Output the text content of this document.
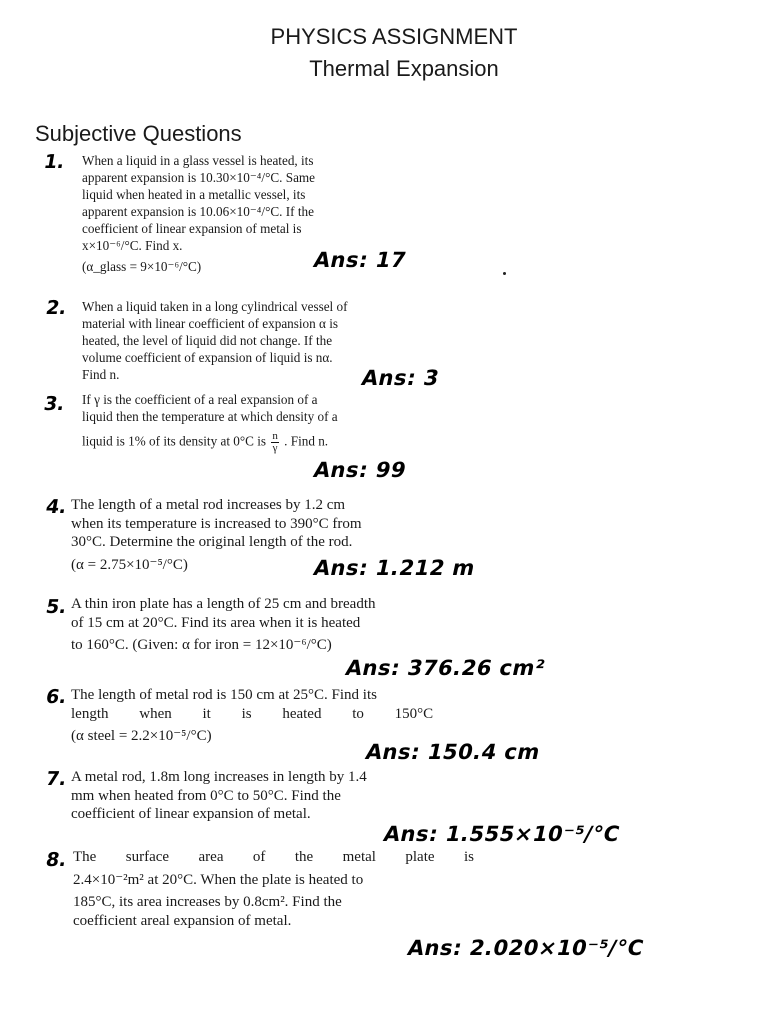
PHYSICS ASSIGNMENT
Thermal Expansion
Subjective Questions
1. When a liquid in a glass vessel is heated, its
apparent expansion is 10.30×10⁻⁴/°C. Same
liquid when heated in a metallic vessel, its
apparent expansion is 10.06×10⁻⁴/°C. If the
coefficient of linear expansion of metal is
x×10⁻⁶/°C. Find x.
(α_glass = 9×10⁻⁶/°C)	Ans: 17
2. When a liquid taken in a long cylindrical vessel of
material with linear coefficient of expansion α is
heated, the level of liquid did not change. If the
volume coefficient of expansion of liquid is nα.
Find n.	Ans: 3
3. If γ is the coefficient of a real expansion of a
liquid then the temperature at which density of a
liquid is 1% of its density at 0°C is $\frac{n}{\gamma}$ . Find n.
Ans: 99
4. The length of a metal rod increases by 1.2 cm
when its temperature is increased to 390°C from
30°C. Determine the original length of the rod.
(α = 2.75×10⁻⁵/°C)	Ans: 1.212 m
5. A thin iron plate has a length of 25 cm and breadth
of 15 cm at 20°C. Find its area when it is heated
to 160°C. (Given: α for iron = 12×10⁻⁶/°C)
Ans: 376.26 cm²
6. The length of metal rod is 150 cm at 25°C. Find its
length when it is heated to 150°C
(α steel = 2.2×10⁻⁵/°C)
Ans: 150.4 cm
7. A metal rod, 1.8m long increases in length by 1.4
mm when heated from 0°C to 50°C. Find the
coefficient of linear expansion of metal.
Ans: 1.555×10⁻⁵/°C
8. The surface area of the metal plate is
2.4×10⁻²m² at 20°C. When the plate is heated to
185°C, its area increases by 0.8cm². Find the
coefficient areal expansion of metal.
Ans: 2.020×10⁻⁵/°C
